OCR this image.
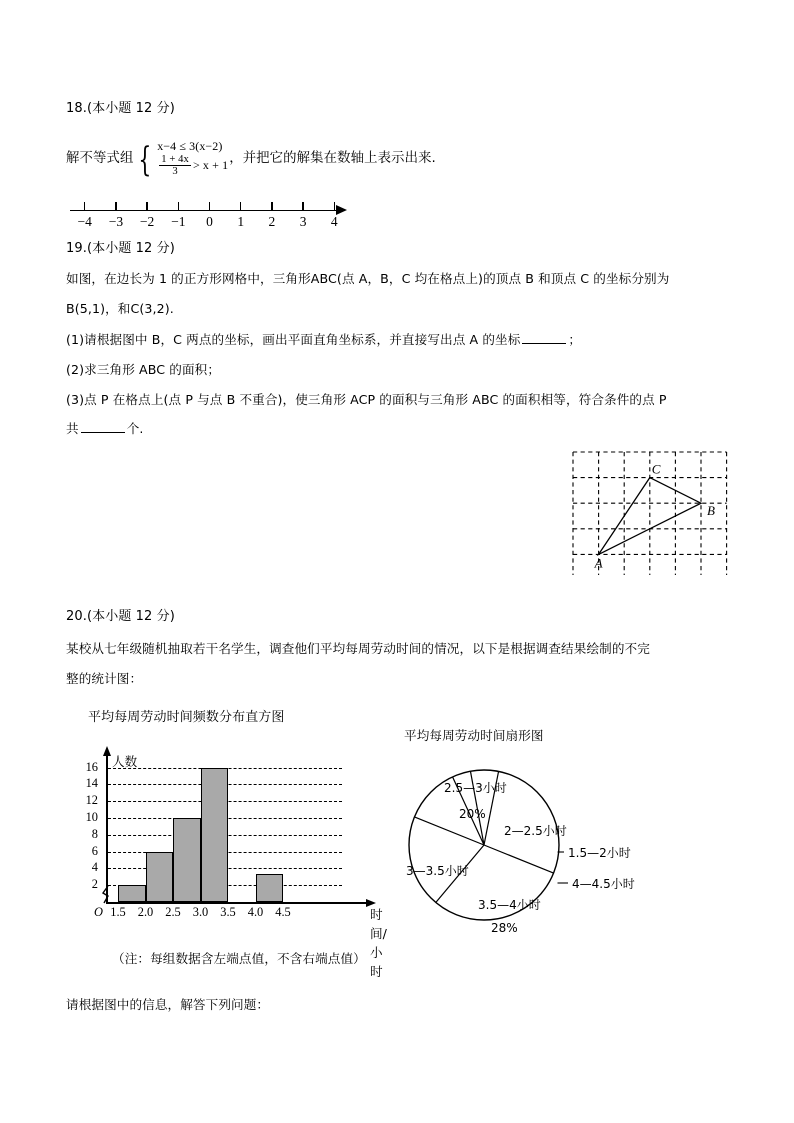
18.(本小题 12 分)
解不等式组 { x−4 ≤ 3(x−2)
$\frac{1 + 4x}{3} > x + 1$ ，并把它的解集在数轴上表示出来.
−4 −3 −2 −1 0 1 2 3 4
19.(本小题 12 分)
如图，在边长为 1 的正方形网格中，三角形ABC(点 A，B，C 均在格点上)的顶点 B 和顶点 C 的坐标分别为
B(5,1)，和C(3,2).
(1)请根据图中 B，C 两点的坐标，画出平面直角坐标系，并直接写出点 A 的坐标	；
(2)求三角形 ABC 的面积；
(3)点 P 在格点上(点 P 与点 B 不重合)，使三角形 ACP 的面积与三角形 ABC 的面积相等，符合条件的点 P
共	个.
A
B
C
20.(本小题 12 分)
某校从七年级随机抽取若干名学生，调查他们平均每周劳动时间的情况，以下是根据调查结果绘制的不完
整的统计图：
平均每周劳动时间频数分布直方图
平均每周劳动时间扇形图
2
4
6
8
10
12
14
16
O 1.5 2.0 2.5 3.0 3.5 4.0 4.5
人数
时间/小时
2.5—3小时
20%
2—2.5小时
1.5—2小时
4—4.5小时
3.5—4小时
28%
3—3.5小时
（注：每组数据含左端点值，不含右端点值）
请根据图中的信息，解答下列问题：
